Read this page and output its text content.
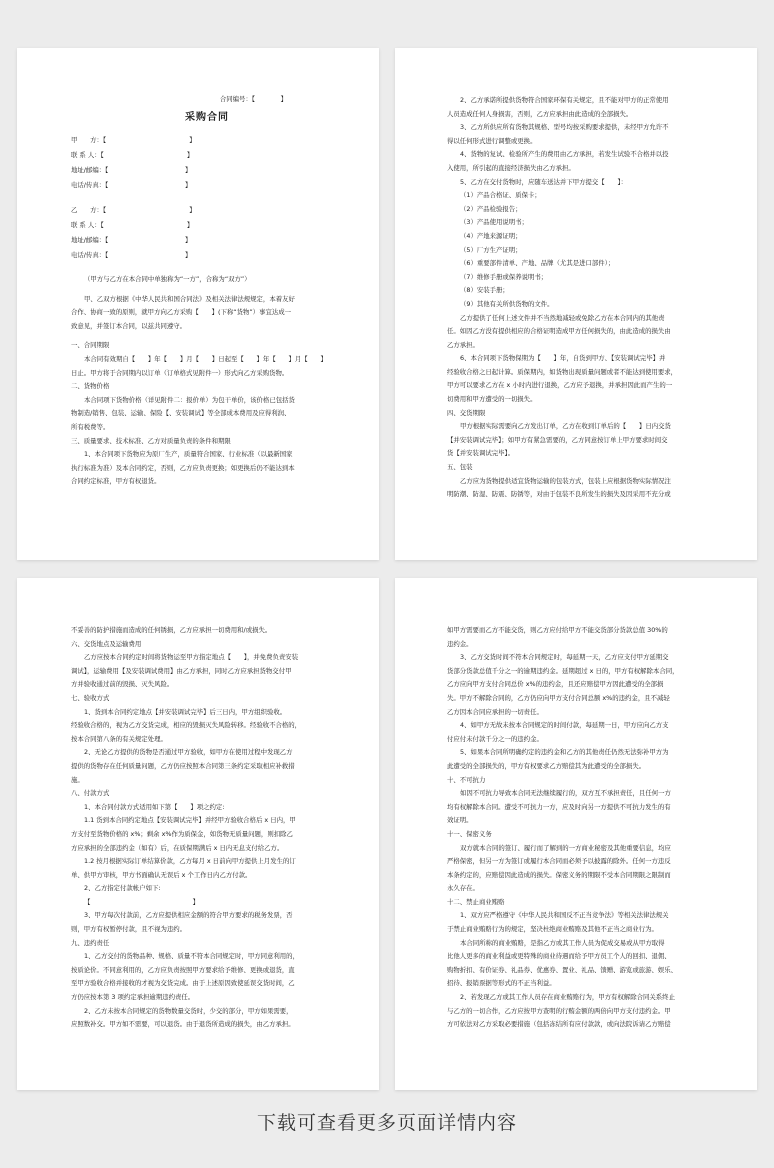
合同编号：【　　　　】
采购合同
甲　　方：【　　　　　　　　　　　　　】
联 系 人：【　　　　　　　　　　　　　】
地址/邮编：【　　　　　　　　　　　　】
电话/传真：【　　　　　　　　　　　　】
乙　　方：【　　　　　　　　　　　　　】
联 系 人：【　　　　　　　　　　　　　】
地址/邮编：【　　　　　　　　　　　　】
电话/传真：【　　　　　　　　　　　　】
（甲方与乙方在本合同中单独称为“一方”，合称为“双方”）
甲、乙双方根据《中华人民共和国合同法》及相关法律法规规定，本着友好
合作、协商一致的原则，就甲方向乙方采购【　　】(下称“货物”）事宜达成一
致意见，并签订本合同，以兹共同遵守。
一、合同期限
本合同有效期自【　　】年【　　】月【　　】日起至【　　】年【　　】月【　　】
日止。甲方将于合同期内以订单（订单格式见附件一）形式向乙方采购货物。
二、货物价格
本合同项下货物价格（详见附件二：报价单）为包干单价，该价格已包括货
物制造/销售、包装、运输、保险【、安装调试】等全部成本费用及应得利润、
所有税费等。
三、质量要求、技术标准、乙方对质量负责的条件和期限
1、本合同项下货物应为原厂生产，质量符合国家、行业标准（以最新国家
执行标准为准）及本合同约定，否则，乙方应负责更换；如更换后仍不能达到本
合同约定标准，甲方有权退货。
2、乙方承诺所提供货物符合国家环保有关规定，且不能对甲方的正常使用
人员造成任何人身损害，否则，乙方应承担由此造成的全部损失。
3、乙方所供应所有货物其规格、型号均按采购要求提供，未经甲方允许不
得以任何形式进行调整或更换。
4、货物的复试、检验所产生的费用由乙方承担，若发生试验不合格并以投
入使用，所引起的直接经济损失由乙方承担。
5、乙方在交付货物时，应随车送达并下甲方提交【　　】：
（1）产品合格证、质保卡；
（2）产品检验报告；
（3）产品使用说明书；
（4）产地来源证明；
（5）厂方生产证明；
（6）重要部件清单、产地、品牌（尤其是进口部件）；
（7）维修手册或保养说明书；
（8）安装手册；
（9）其他有关所供货物的文件。
乙方提供了任何上述文件并不当然地减轻或免除乙方在本合同内的其他责
任。如因乙方没有提供相应的合格证明造成甲方任何损失的，由此造成的损失由
乙方承担。
6、本合同项下货物保期为【　　】年，自货到甲方、【安装调试完毕】并
经验收合格之日起计算。质保期内，如货物出现质量问题或者不能达到使用要求，
甲方可以要求乙方在 x 小时内进行退换，乙方应予退换，并承担因此而产生的一
切费用和甲方遭受的一切损失。
四、交货期限
甲方根据实际需要向乙方发出订单，乙方在收到订单后的【　　】日内交货
【并安装调试完毕】；如甲方有紧急需要的，乙方同意按订单上甲方要求时间交
货【并安装调试完毕】。
五、包装
乙方应为货物提供适宜货物运输的包装方式，包装上应根据货物实际情况注
明防潮、防湿、防震、防锈等，对由于包装不良所发生的损失及因采用不充分或
不妥善的防护措施而造成的任何锈损，乙方应承担一切费用和/或损失。
六、交货地点及运输费用
乙方应按本合同约定时间将货物运至甲方指定地点【　　】，并免费负责安装
调试】，运输费用【及安装调试费用】由乙方承担，同时乙方应承担货物交付甲
方并验收通过前的毁损、灭失风险。
七、验收方式
1、货到本合同约定地点【并安装调试完毕】后三日内，甲方组织验收。
经验收合格的，视为乙方交货完成，相应的毁损灭失风险转移。经验收不合格的，
按本合同第八条的有关规定处理。
2、无论乙方提供的货物是否通过甲方验收，如甲方在使用过程中发现乙方
提供的货物存在任何质量问题，乙方仍应按照本合同第三条约定采取相应补救措
施。
八、付款方式
1、本合同付款方式适用如下第【　　】项之约定:
1.1 货到本合同约定地点【安装调试完毕】并经甲方验收合格后 x 日内，甲
方支付至货物价格的 x%；剩余 x%作为质保金，如货物无质量问题，则扣除乙
方应承担的全部违约金（如有）后，在质保期满后 x 日内无息支付给乙方。
1.2 按月根据实际订单结算价款，乙方每月 x 日前向甲方提供上月发生的订
单、供甲方审核，甲方书面确认无误后 x 个工作日内乙方付款。
2、乙方指定付款帐户如下:
【　　　　　　　　　　　　　　　　】
3、甲方每次付款前，乙方应提供相应金额的符合甲方要求的税务发票，否
则，甲方有权暂停付款，且不视为违约。
九、违约责任
1、乙方交付的货物品种、规格、质量不符本合同规定时，甲方同意利用的，
按质论价。不同意利用的，乙方应负责按照甲方要求给予维修、更换或退货，直
至甲方验收合格并接收的才视为交货完成。由于上述原因致使延误交货时间，乙
方仍应按本第 3 项约定承担逾期违约责任。
2、乙方未按本合同规定的货物数量交货时，少交的部分，甲方如果需要，
应照数补交。甲方如不需要，可以退货。由于退货所造成的损失，由乙方承担。
如甲方需要而乙方不能交货，则乙方应付给甲方不能交货部分货款总值 30%的
违约金。
3、乙方交货时间不符本合同规定时，每延期一天，乙方应支付甲方延期交
货部分货款总值千分之一的逾期违约金。延期超过 x 日的，甲方有权解除本合同，
乙方应向甲方支付合同总价 x%的违约金，且还应赔偿甲方因此遭受的全部损
失。甲方不解除合同的，乙方仍应向甲方支付合同总额 x%的违约金，且不减轻
乙方因本合同应承担的一切责任。
4、如甲方无故未按本合同规定的时间付款，每延期一日，甲方应向乙方支
付应付未付款千分之一的违约金。
5、如果本合同所明确约定的违约金和乙方的其他责任仍然无法弥补甲方为
此遭受的全部损失的，甲方有权要求乙方赔偿其为此遭受的全部损失。
十、不可抗力
如因不可抗力导致本合同无法继续履行的，双方互不承担责任，且任何一方
均有权解除本合同。遭受不可抗力一方，应及时向另一方提供不可抗力发生的有
效证明。
十一、保密义务
双方就本合同的签订、履行而了解到的一方商业秘密及其他重要信息，均应
严格保密，但另一方为签订或履行本合同而必须予以披露的除外。任何一方违反
本条约定的，应赔偿因此造成的损失。保密义务的期限不受本合同期限之限制而
永久存在。
十二、禁止商业贿赂
1、双方应严格遵守《中华人民共和国反不正当竞争法》等相关法律法规关
于禁止商业贿赂行为的规定，坚决杜绝商业贿赂及其他不正当之商业行为。
本合同所称的商业贿赂，是指乙方或其工作人员为促成交易或从甲方取得
比他人更多的商业利益或更特殊的商业待遇而给予甲方员工个人的回扣、退佣、
购物折扣、有价证券、礼品券、优惠券、置业、礼品、馈赠、游览或旅游、娱乐、
招待、报销票据等形式的不正当利益。
2、若发现乙方或其工作人员存在商业贿赂行为，甲方有权解除合同关系终止
与乙方的一切合作，乙方应按甲方查明的行贿金额的两倍向甲方支付违约金。甲
方可依法对乙方采取必要措施（包括冻结所有应付款款，或向法院诉请乙方赔偿
下载可查看更多页面详情内容
